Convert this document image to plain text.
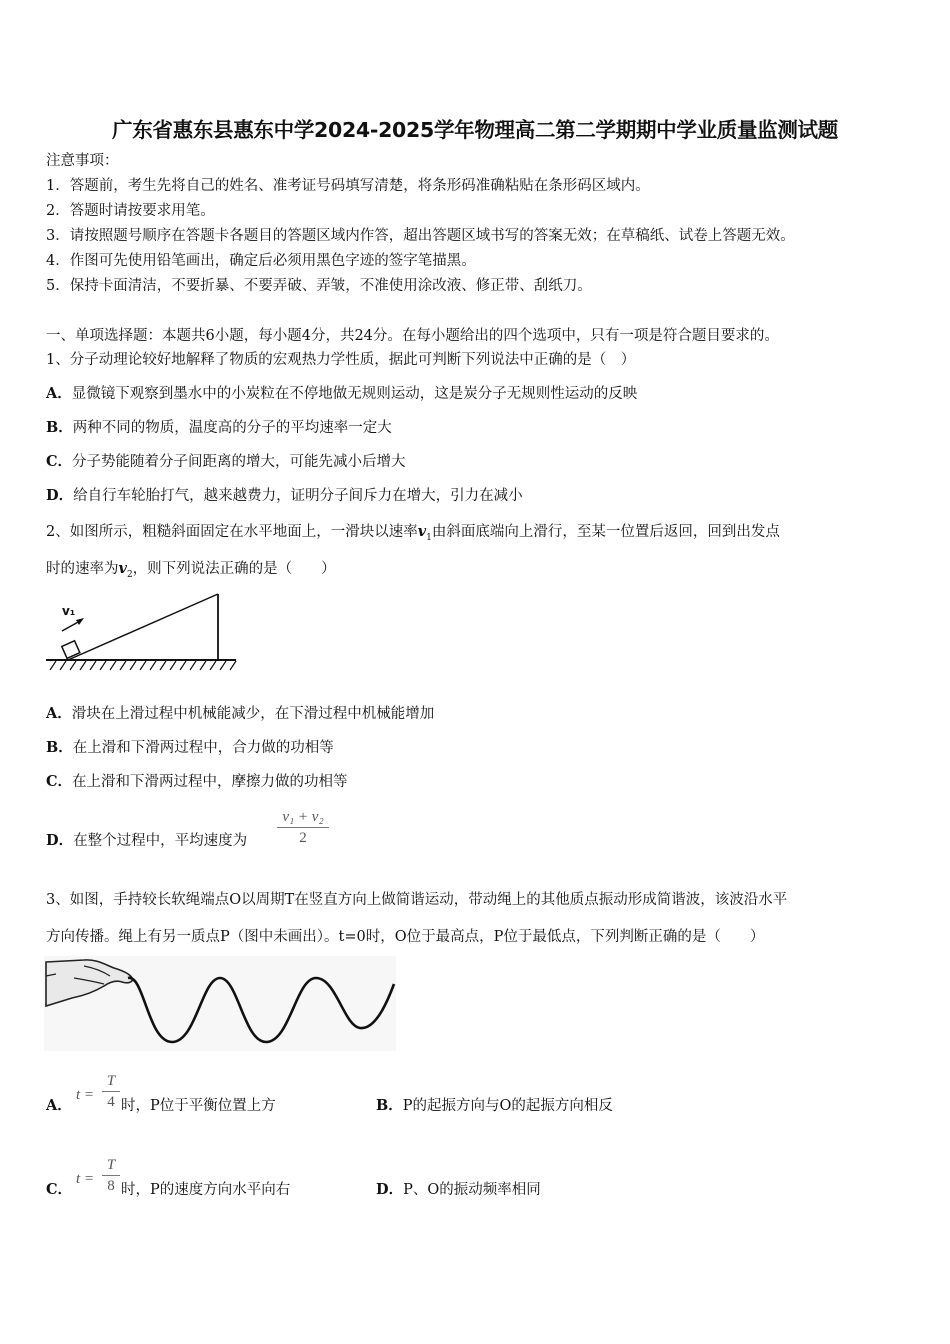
广东省惠东县惠东中学2024-2025学年物理高二第二学期期中学业质量监测试题
注意事项：
1．答题前，考生先将自己的姓名、准考证号码填写清楚，将条形码准确粘贴在条形码区域内。
2．答题时请按要求用笔。
3．请按照题号顺序在答题卡各题目的答题区域内作答，超出答题区域书写的答案无效；在草稿纸、试卷上答题无效。
4．作图可先使用铅笔画出，确定后必须用黑色字迹的签字笔描黑。
5．保持卡面清洁，不要折暴、不要弄破、弄皱，不准使用涂改液、修正带、刮纸刀。
一、单项选择题：本题共6小题，每小题4分，共24分。在每小题给出的四个选项中，只有一项是符合题目要求的。
1、分子动理论较好地解释了物质的宏观热力学性质，据此可判断下列说法中正确的是（　）
A．显微镜下观察到墨水中的小炭粒在不停地做无规则运动，这是炭分子无规则性运动的反映
B．两种不同的物质，温度高的分子的平均速率一定大
C．分子势能随着分子间距离的增大，可能先减小后增大
D．给自行车轮胎打气，越来越费力，证明分子间斥力在增大，引力在减小
2、如图所示，粗糙斜面固定在水平地面上，一滑块以速率$v_1$由斜面底端向上滑行，至某一位置后返回，回到出发点
时的速率为$v_2$，则下列说法正确的是（　　）
v₁
A．滑块在上滑过程中机械能减少，在下滑过程中机械能增加
B．在上滑和下滑两过程中，合力做的功相等
C．在上滑和下滑两过程中，摩擦力做的功相等
D．在整个过程中，平均速度为
v₁ + v₂
2
3、如图，手持较长软绳端点O以周期T在竖直方向上做简谐运动，带动绳上的其他质点振动形成简谐波，该波沿水平
方向传播。绳上有另一质点P（图中未画出）。t=0时，O位于最高点，P位于最低点，下列判断正确的是（　　）
A．
t =
T
4 时，P位于平衡位置上方	B．P的起振方向与O的起振方向相反
C．
t =
T
8 时，P的速度方向水平向右	D．P、O的振动频率相同
